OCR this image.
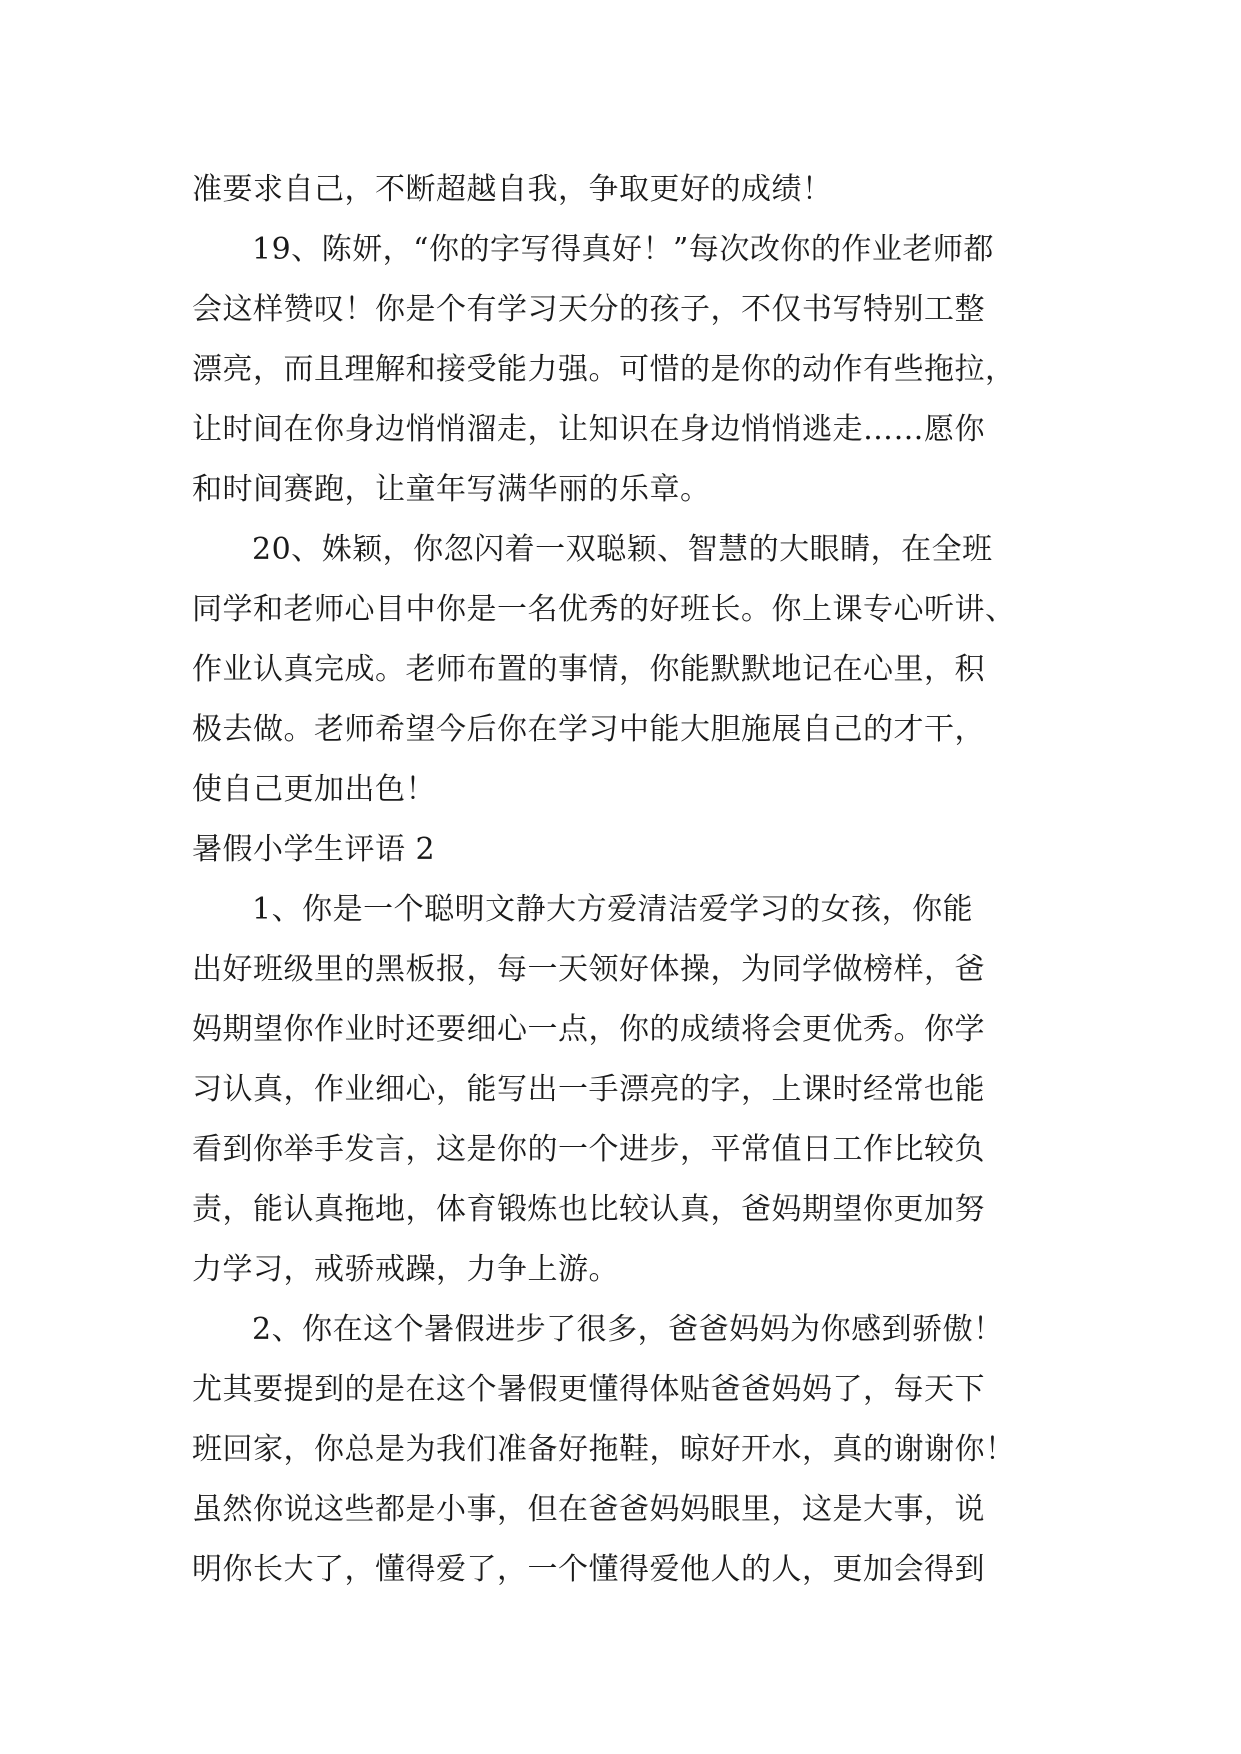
准要求自己，不断超越自我，争取更好的成绩！
19、陈妍，“你的字写得真好！”每次改你的作业老师都
会这样赞叹！你是个有学习天分的孩子，不仅书写特别工整
漂亮，而且理解和接受能力强。可惜的是你的动作有些拖拉，
让时间在你身边悄悄溜走，让知识在身边悄悄逃走……愿你
和时间赛跑，让童年写满华丽的乐章。
20、姝颖，你忽闪着一双聪颖、智慧的大眼睛，在全班
同学和老师心目中你是一名优秀的好班长。你上课专心听讲、
作业认真完成。老师布置的事情，你能默默地记在心里，积
极去做。老师希望今后你在学习中能大胆施展自己的才干，
使自己更加出色！
暑假小学生评语 2
1、你是一个聪明文静大方爱清洁爱学习的女孩，你能
出好班级里的黑板报，每一天领好体操，为同学做榜样，爸
妈期望你作业时还要细心一点，你的成绩将会更优秀。你学
习认真，作业细心，能写出一手漂亮的字，上课时经常也能
看到你举手发言，这是你的一个进步，平常值日工作比较负
责，能认真拖地，体育锻炼也比较认真，爸妈期望你更加努
力学习，戒骄戒躁，力争上游。
2、你在这个暑假进步了很多，爸爸妈妈为你感到骄傲！
尤其要提到的是在这个暑假更懂得体贴爸爸妈妈了，每天下
班回家，你总是为我们准备好拖鞋，晾好开水，真的谢谢你！
虽然你说这些都是小事，但在爸爸妈妈眼里，这是大事，说
明你长大了，懂得爱了，一个懂得爱他人的人，更加会得到
